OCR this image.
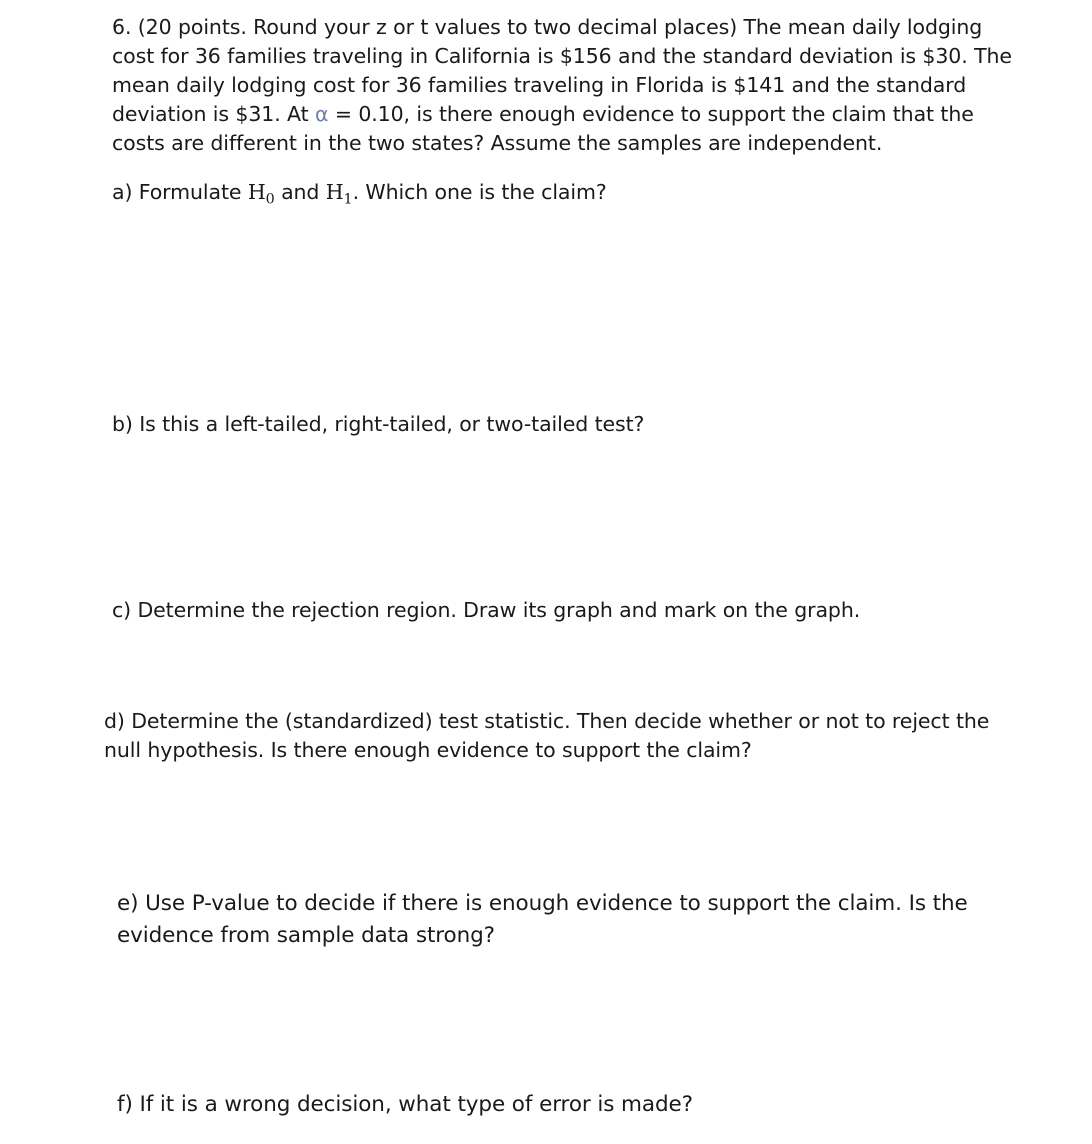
6. (20 points. Round your z or t values to two decimal places) The mean daily lodging
cost for 36 families traveling in California is $156 and the standard deviation is $30. The
mean daily lodging cost for 36 families traveling in Florida is $141 and the standard
deviation is $31. At α = 0.10, is there enough evidence to support the claim that the
costs are different in the two states? Assume the samples are independent.
a) Formulate $H_0$ and $H_1$. Which one is the claim?
b) Is this a left-tailed, right-tailed, or two-tailed test?
c) Determine the rejection region. Draw its graph and mark on the graph.
d) Determine the (standardized) test statistic. Then decide whether or not to reject the
null hypothesis. Is there enough evidence to support the claim?
e) Use P-value to decide if there is enough evidence to support the claim. Is the
evidence from sample data strong?
f) If it is a wrong decision, what type of error is made?
